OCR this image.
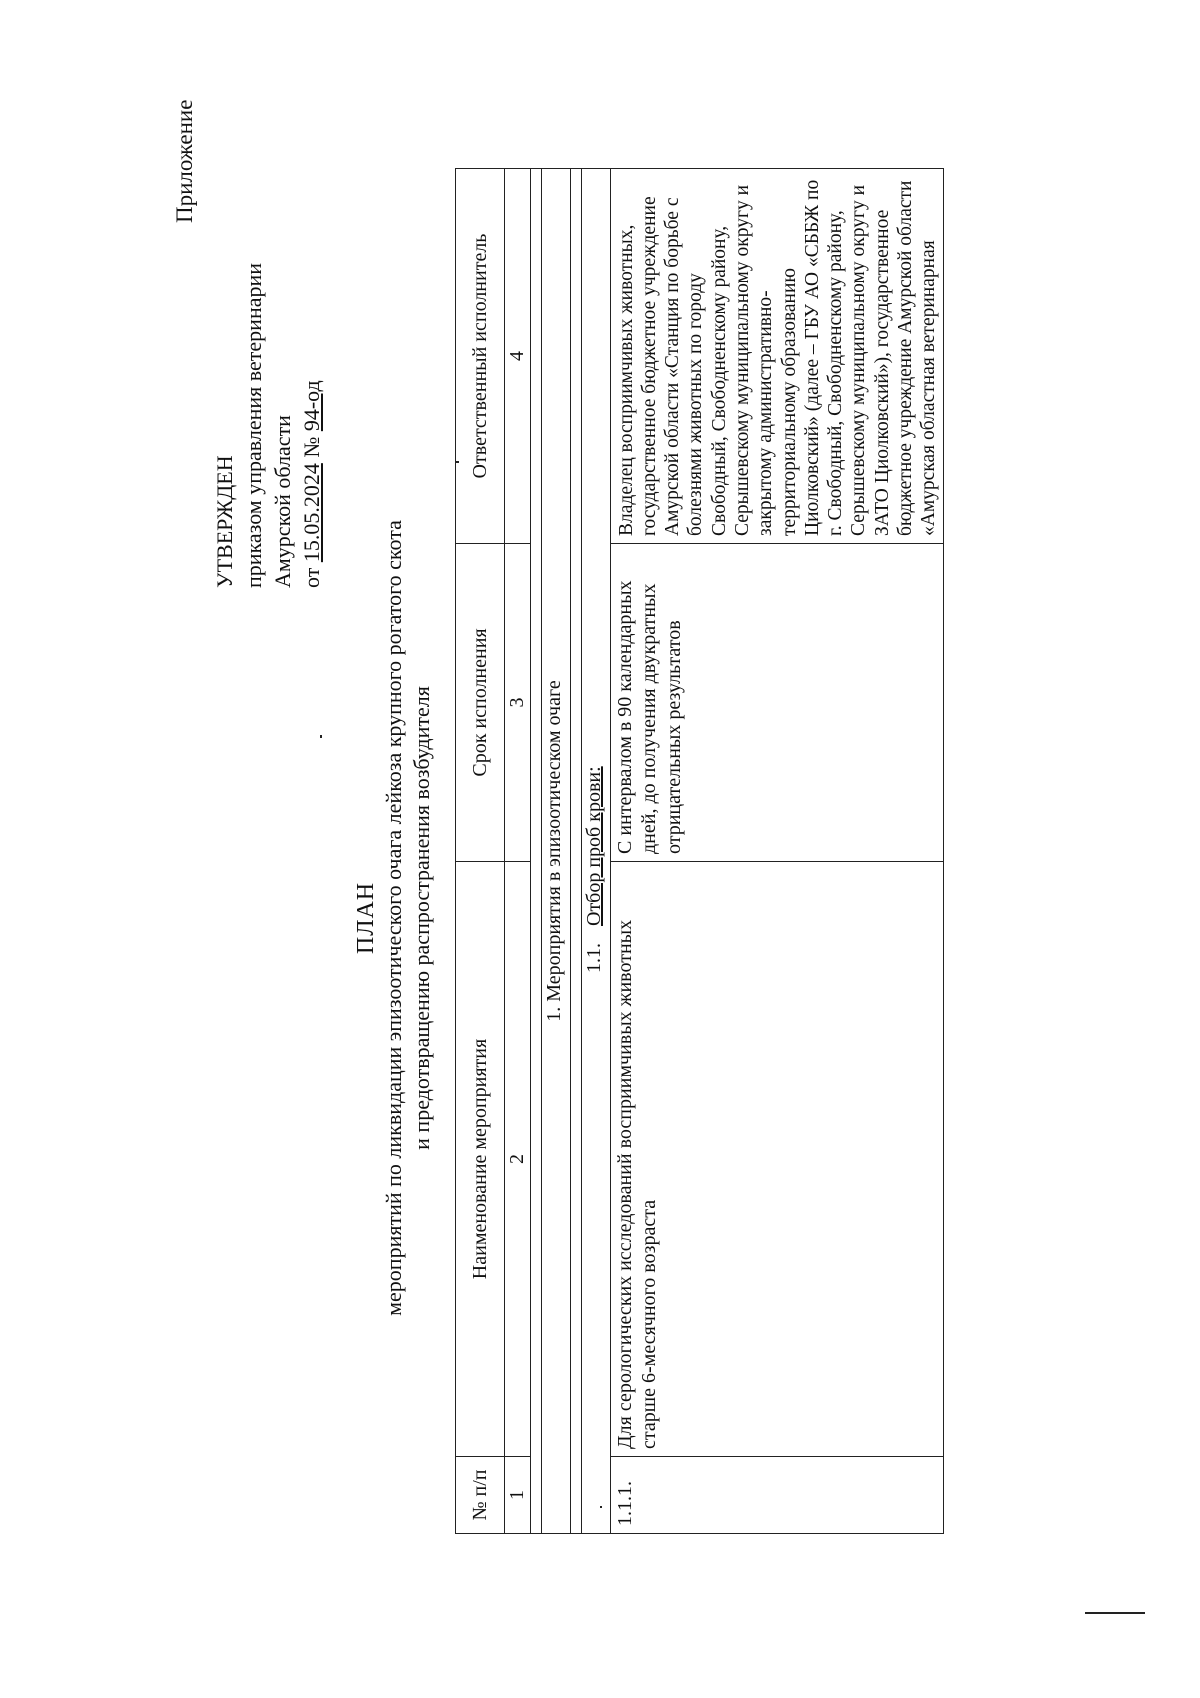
Приложение
УТВЕРЖДЕН приказом управления ветеринарии Амурской области от 15.05.2024 № 94-од
ПЛАН мероприятий по ликвидации эпизоотического очага лейкоза крупного рогатого скота и предотвращению распространения возбудителя
№ п/п	Наименование мероприятия	Срок исполнения	Ответственный исполнитель
1	2	3	4

1. Мероприятия в эпизоотическом очаге			

1.1. Отбор проб крови:			
1.1.1.	Для серологических исследований восприимчивых животных старше 6-месячного возраста	С интервалом в 90 календарных дней, до получения двукратных отрицательных результатов	Владелец восприимчивых животных, государственное бюджетное учреждение Амурской области «Станция по борьбе с болезнями животных по городу Свободный, Свободненскому району, Серышевскому муниципальному округу и закрытому административно-территориальному образованию Циолковский» (далее – ГБУ АО «СББЖ по г. Свободный, Свободненскому району, Серышевскому муниципальному округу и ЗАТО Циолковский»), государственное бюджетное учреждение Амурской области «Амурская областная ветеринарная
